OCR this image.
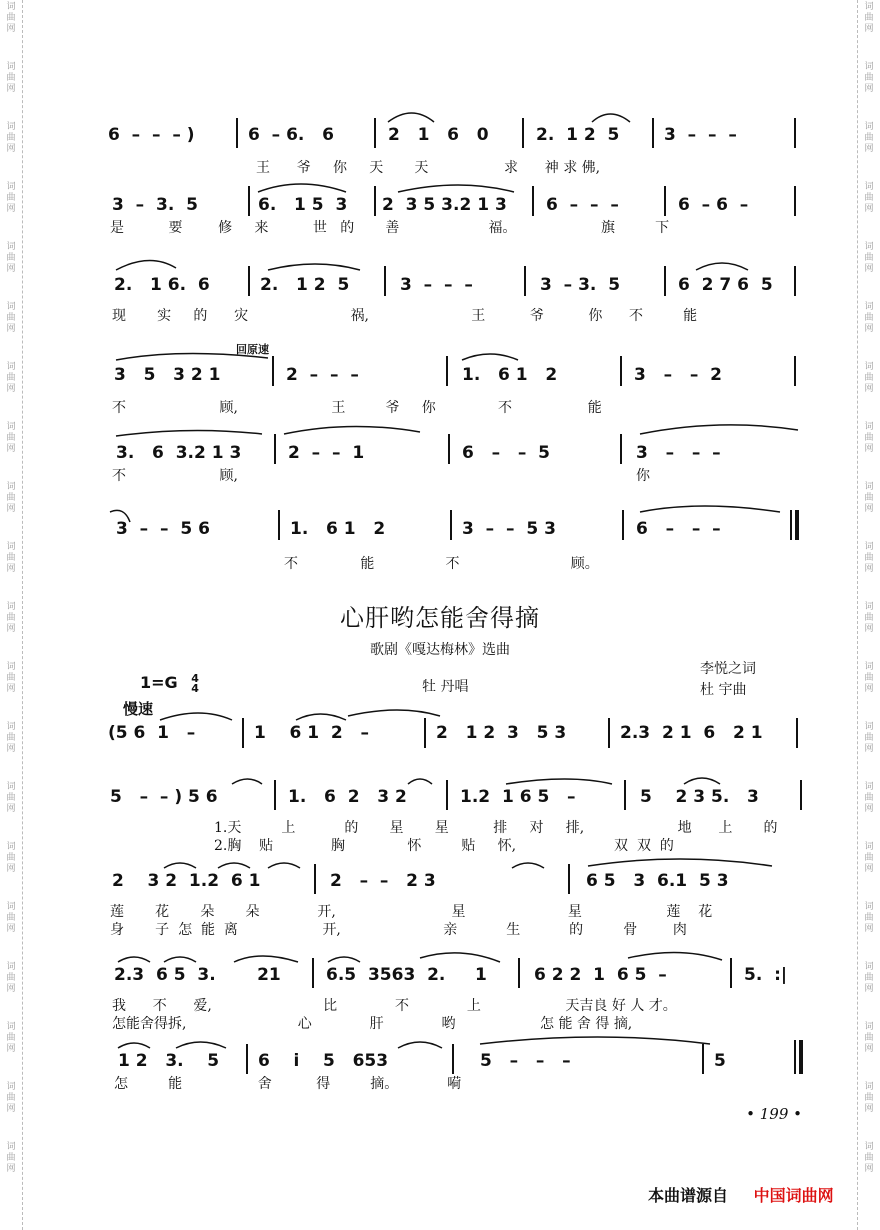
词
曲
网
词
曲
网
词
曲
网
词
曲
网
词
曲
网
词
曲
网
词
曲
网
词
曲
网
词
曲
网
词
曲
网
词
曲
网
词
曲
网
词
曲
网
词
曲
网
词
曲
网
词
曲
网
词
曲
网
词
曲
网
词
曲
网
词
曲
网
词
曲
网
词
曲
网
词
曲
网
词
曲
网
词
曲
网
词
曲
网
词
曲
网
词
曲
网
词
曲
网
词
曲
网
词
曲
网
词
曲
网
词
曲
网
词
曲
网
词
曲
网
词
曲
网
词
曲
网
词
曲
网
词
曲
网
词
曲
网
6  –  –  – )	6  – 6.   6	2   1   6   0	2.  1 2  5	3  –  –  –
王 爷 你 天 天	求 神 求 佛,
3  –  3.  5	6.   1 5  3 2  3 5 3.2 1 3 6  –  –  –	6  – 6  –
是	要	修 来	世 的 善	福。	旗	下
2.   1 6.  6	2.   1 2  5	3  –  –  –	3  – 3.  5	6  2 7 6  5
现 实 的 灾	祸,	王	爷	你 不	能
回原速
3   5   3 2 1	2  –  –  –	1.   6 1   2	3   –   –  2
不	顾,	王	爷 你	不	能
3.   6  3.2 1 3	2  –  –  1	6   –   –  5	3   –   –  –
不	顾,	你
3  –  –  5 6	1.   6 1   2	3  –  –  5 3	6   –   –  –
不	能	不	顾。
心肝哟怎能舍得摘
歌剧《嘎达梅林》选曲
1=G 4
4	牡 丹唱
李悦之词
杜 宇曲
慢速
(5 6  1   –	1    6 1  2   –	2   1 2  3   5 3	2.3  2 1  6   2 1
5   –  – ) 5 6	1.   6  2   3 2	1.2  1 6 5   –	5    2 3 5.   3
1.天	上	的 星 星	排 对 排,	地 上 的
2.胸 贴	胸	怀	贴 怀,	双 双 的
2    3 2  1.2  6 1	2   –  –   2 3	6 5   3  6.1  5 3
莲 花 朵 朵	开,	星	星	莲 花
身 子 怎 能 离	开,	亲	生	的	骨	肉
2.3  6 5  3.       21	6.5  3563  2.     1	6 2 2  1  6 5  –	5.  :|
我 不 爱,	比	不	上	天吉良 好 人 才。
怎能舍得拆,	心	肝	哟	怎 能 舍 得 摘,
1 2   3.    5 6    i    5   653	5   –   –   –	5
怎	能	舍	得	摘。	嗬
• 199 •
本曲谱源自 中国词曲网
